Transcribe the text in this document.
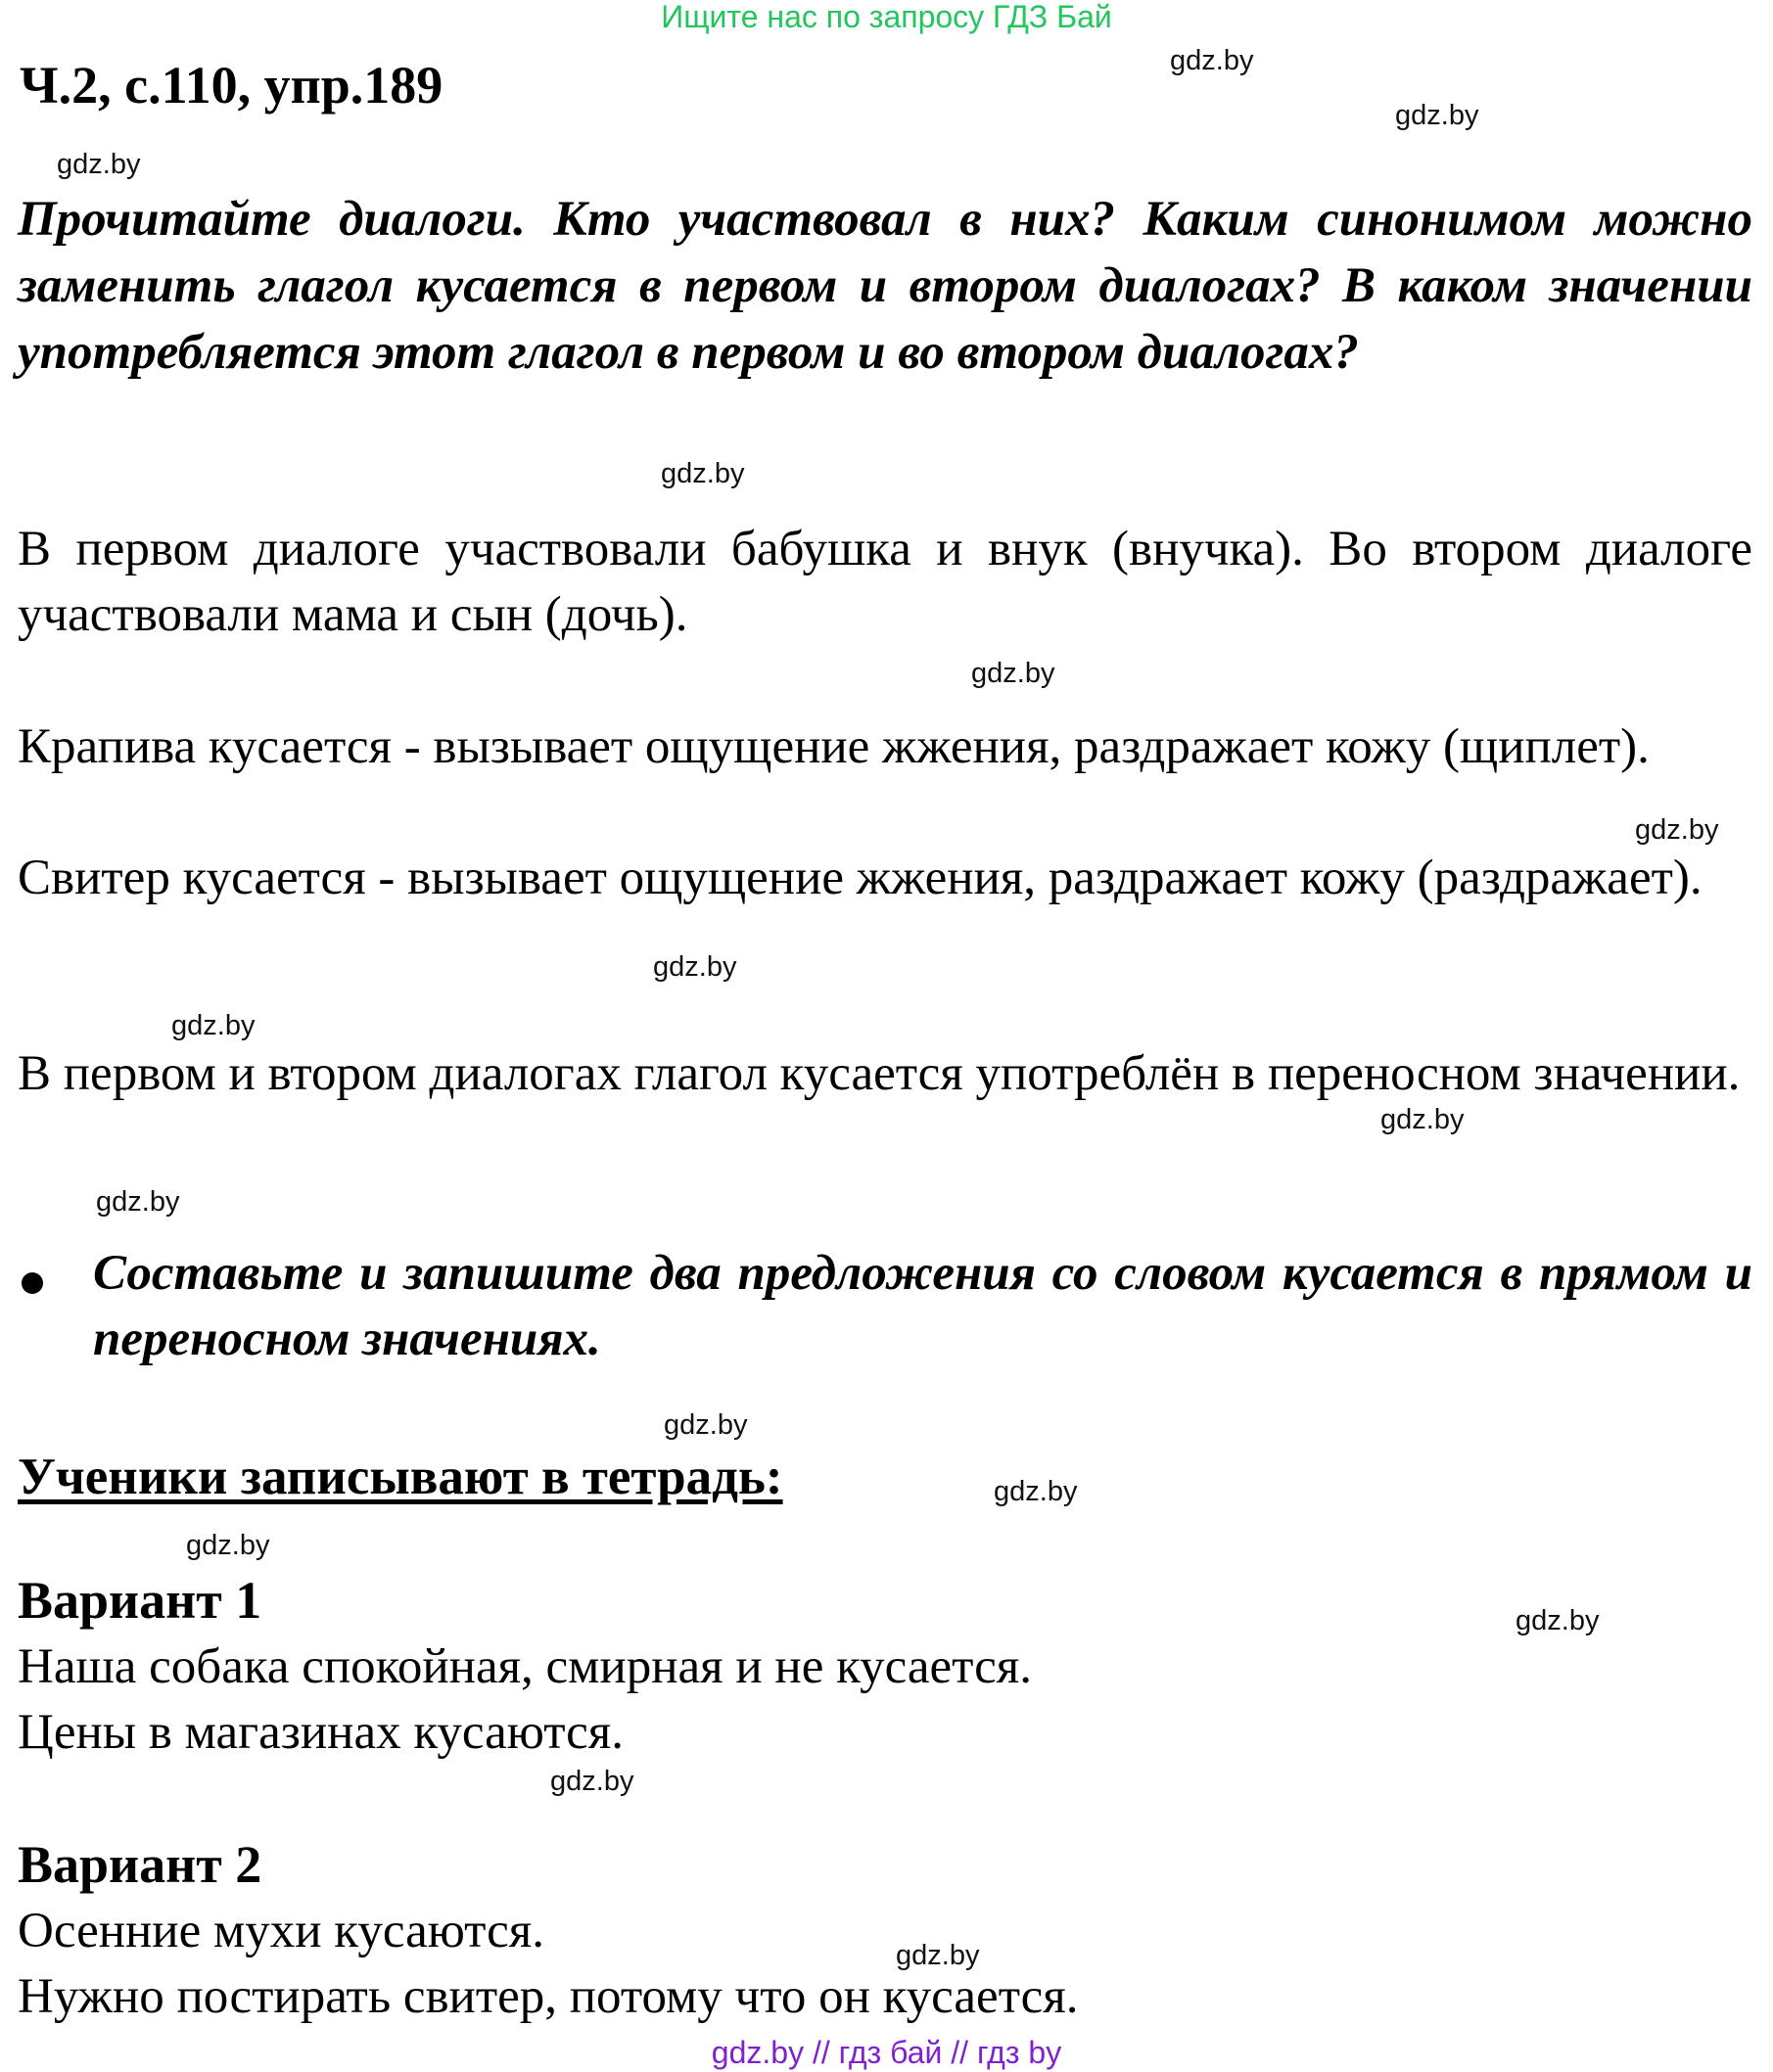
Ищите нас по запросу ГДЗ Бай
Ч.2, с.110, упр.189	gdz.by
gdz.by
gdz.by
Прочитайте диалоги. Кто участвовал в них? Каким синонимом можно заменить глагол кусается в первом и втором диалогах? В каком значении употребляется этот глагол в первом и во втором диалогах?
gdz.by
В первом диалоге участвовали бабушка и внук (внучка). Во втором диалоге участвовали мама и сын (дочь).
gdz.by
Крапива кусается - вызывает ощущение жжения, раздражает кожу (щиплет).
gdz.by
Свитер кусается - вызывает ощущение жжения, раздражает кожу (раздражает).
gdz.by
gdz.by
В первом и втором диалогах глагол кусается употреблён в переносном значении.
gdz.by
gdz.by
Составьте и запишите два предложения со словом кусается в прямом и переносном значениях.
gdz.by
Ученики записывают в тетрадь:	gdz.by
gdz.by
Вариант 1	gdz.by
Наша собака спокойная, смирная и не кусается.
Цены в магазинах кусаются.
gdz.by
Вариант 2
Осенние мухи кусаются.	gdz.by
Нужно постирать свитер, потому что он кусается.
gdz.by // гдз бай // гдз by
